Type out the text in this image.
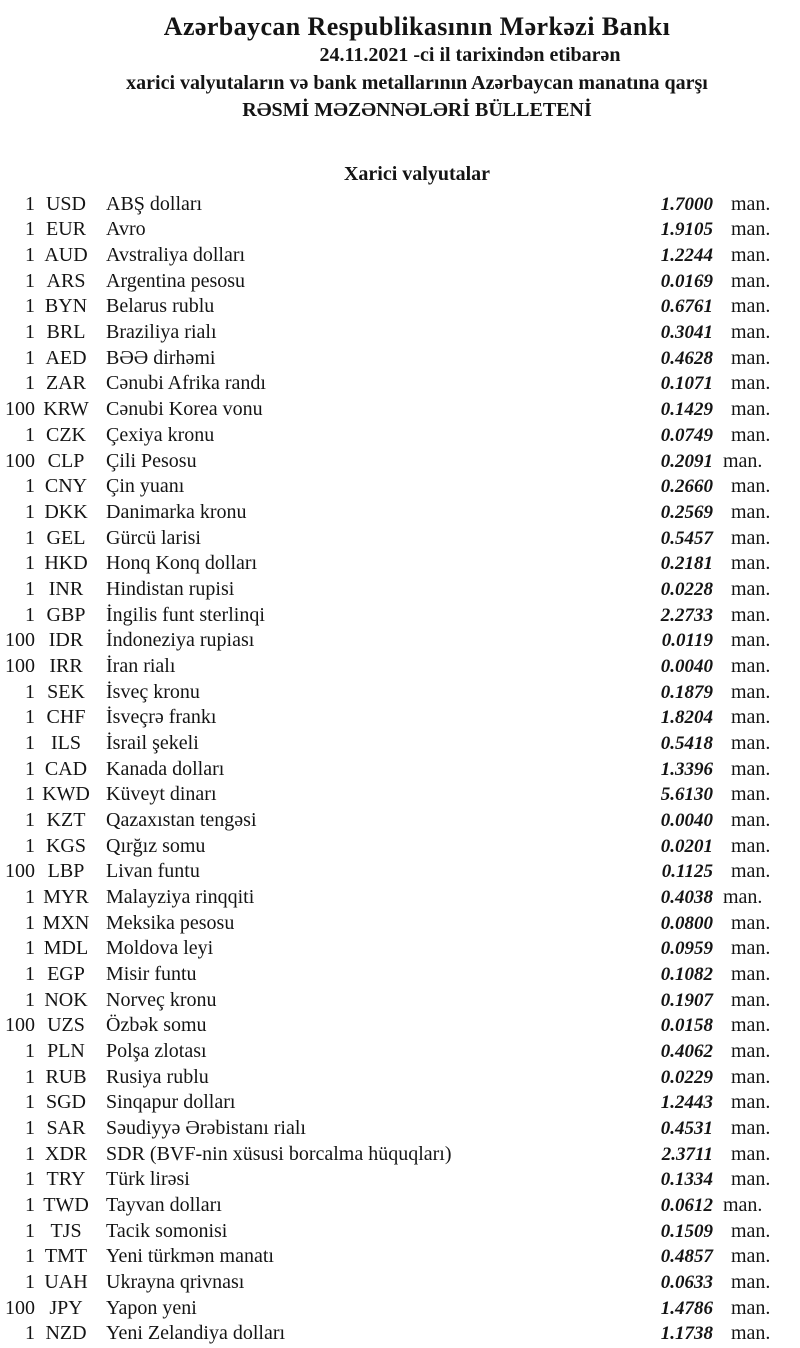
Azərbaycan Respublikasının Mərkəzi Bankı

24.11.2021 -ci il tarixindən etibarən

xarici valyutaların və bank metallarının Azərbaycan manatına qarşı

RƏSMİ MƏZƏNNƏLƏRİ BÜLLETENİ

Xarici valyutalar
1 USD	ABŞ dolları	1.7000 man.
1 EUR	Avro	1.9105 man.
1 AUD Avstraliya dolları	1.2244 man.
1 ARS	Argentina pesosu	0.0169 man.
1 BYN Belarus rublu	0.6761 man.
1 BRL	Braziliya rialı	0.3041 man.
1 AED BƏƏ dirhəmi	0.4628 man.
1 ZAR	Cənubi Afrika randı	0.1071 man.
100 KRW Cənubi Korea vonu	0.1429 man.
1 CZK	Çexiya kronu	0.0749 man.
100 CLP	Çili Pesosu	0.2091 man.
1 CNY Çin yuanı	0.2660 man.
1 DKK Danimarka kronu	0.2569 man.
1 GEL	Gürcü larisi	0.5457 man.
1 HKD Honq Konq dolları	0.2181 man.
1 INR	Hindistan rupisi	0.0228 man.
1 GBP	İngilis funt sterlinqi	2.2733 man.
100 IDR	İndoneziya rupiası	0.0119 man.
100 IRR	İran rialı	0.0040 man.
1 SEK	İsveç kronu	0.1879 man.
1 CHF	İsveçrə frankı	1.8204 man.
1 ILS	İsrail şekeli	0.5418 man.
1 CAD Kanada dolları	1.3396 man.
1 KWD Küveyt dinarı	5.6130 man.
1 KZT	Qazaxıstan tengəsi	0.0040 man.
1 KGS	Qırğız somu	0.0201 man.
100 LBP	Livan funtu	0.1125 man.
1 MYR Malayziya rinqqiti	0.4038 man.
1 MXN Meksika pesosu	0.0800 man.
1 MDL Moldova leyi	0.0959 man.
1 EGP	Misir funtu	0.1082 man.
1 NOK Norveç kronu	0.1907 man.
100 UZS	Özbək somu	0.0158 man.
1 PLN	Polşa zlotası	0.4062 man.
1 RUB Rusiya rublu	0.0229 man.
1 SGD	Sinqapur dolları	1.2443 man.
1 SAR	Səudiyyə Ərəbistanı rialı	0.4531 man.
1 XDR SDR (BVF-nin xüsusi borcalma hüquqları)	2.3711 man.
1 TRY	Türk lirəsi	0.1334 man.
1 TWD Tayvan dolları	0.0612 man.
1 TJS	Tacik somonisi	0.1509 man.
1 TMT Yeni türkmən manatı	0.4857 man.
1 UAH Ukrayna qrivnası	0.0633 man.
100 JPY	Yapon yeni	1.4786 man.
1 NZD Yeni Zelandiya dolları	1.1738 man.
